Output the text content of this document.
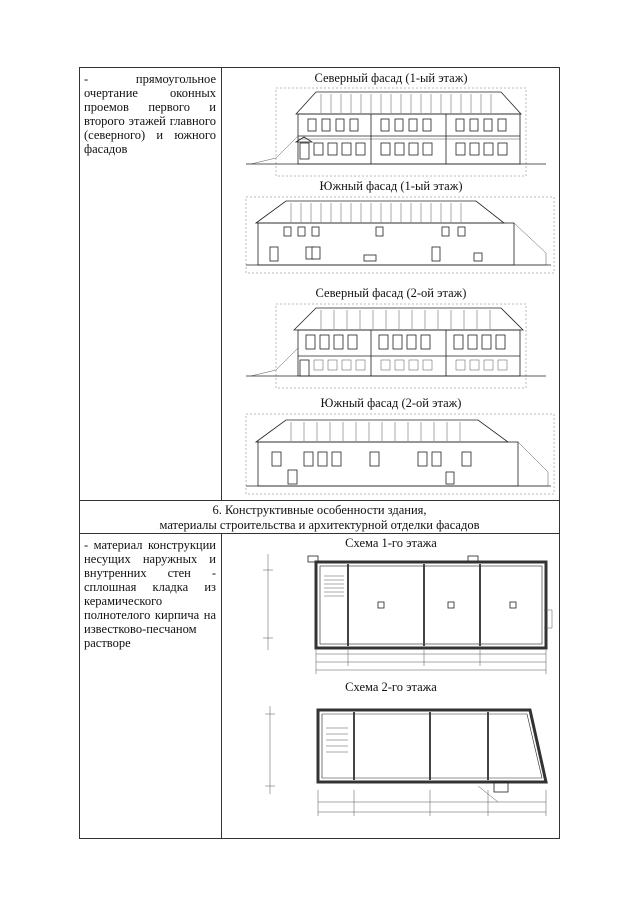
- прямоугольное очертание оконных проемов первого и второго этажей главного (северного) и южного фасадов
Северный фасад (1-ый этаж)
Южный фасад (1-ый этаж)
Северный фасад (2-ой этаж)
Южный фасад (2-ой этаж)
6. Конструктивные особенности здания,
материалы строительства и архитектурной отделки фасадов
- материал конструкции несущих наружных и внутренних стен - сплошная кладка из керамического полнотелого кирпича на известково-песчаном растворе
Схема 1-го этажа
Схема 2-го этажа
